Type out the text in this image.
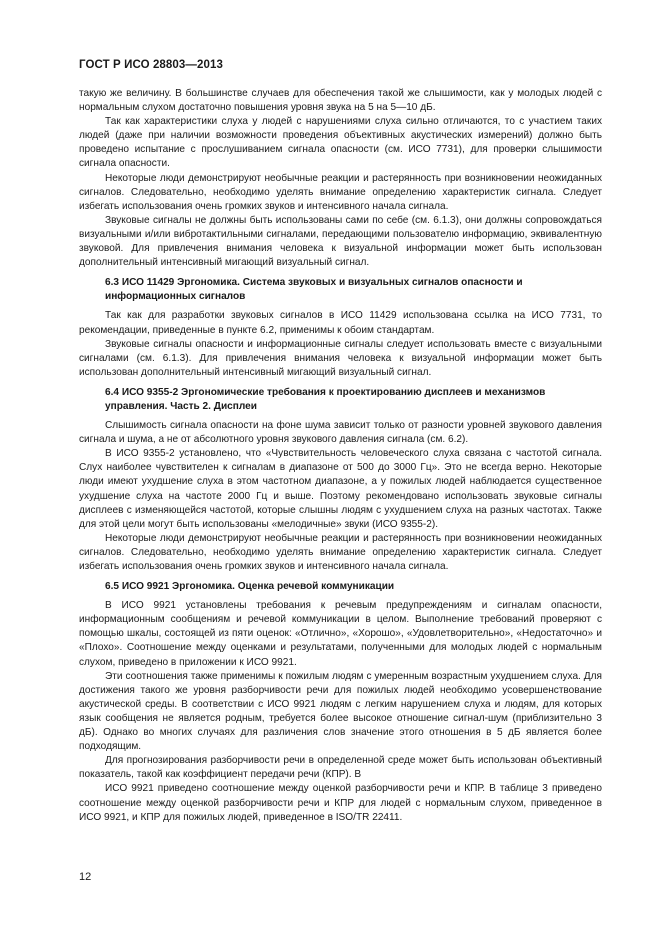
ГОСТ Р ИСО 28803—2013

такую же величину. В большинстве случаев для обеспечения такой же слышимости, как у молодых людей с нормальным слухом достаточно повышения уровня звука на 5 на 5—10 дБ.

Так как характеристики слуха у людей с нарушениями слуха сильно отличаются, то с участием таких людей (даже при наличии возможности проведения объективных акустических измерений) должно быть проведено испытание с прослушиванием сигнала опасности (см. ИСО 7731), для проверки слышимости сигнала опасности.

Некоторые люди демонстрируют необычные реакции и растерянность при возникновении неожиданных сигналов. Следовательно, необходимо уделять внимание определению характеристик сигнала. Следует избегать использования очень громких звуков и интенсивного начала сигнала.

Звуковые сигналы не должны быть использованы сами по себе (см. 6.1.3), они должны сопровождаться визуальными и/или вибротактильными сигналами, передающими пользователю информацию, эквивалентную звуковой. Для привлечения внимания человека к визуальной информации может быть использован дополнительный интенсивный мигающий визуальный сигнал.

6.3 ИСО 11429 Эргономика. Система звуковых и визуальных сигналов опасности и информационных сигналов

Так как для разработки звуковых сигналов в ИСО 11429 использована ссылка на ИСО 7731, то рекомендации, приведенные в пункте 6.2, применимы к обоим стандартам.

Звуковые сигналы опасности и информационные сигналы следует использовать вместе с визуальными сигналами (см. 6.1.3). Для привлечения внимания человека к визуальной информации может быть использован дополнительный интенсивный мигающий визуальный сигнал.

6.4 ИСО 9355-2 Эргономические требования к проектированию дисплеев и механизмов управления. Часть 2. Дисплеи

Слышимость сигнала опасности на фоне шума зависит только от разности уровней звукового давления сигнала и шума, а не от абсолютного уровня звукового давления сигнала (см. 6.2).

В ИСО 9355-2 установлено, что «Чувствительность человеческого слуха связана с частотой сигнала. Слух наиболее чувствителен к сигналам в диапазоне от 500 до 3000 Гц». Это не всегда верно. Некоторые люди имеют ухудшение слуха в этом частотном диапазоне, а у пожилых людей наблюдается существенное ухудшение слуха на частоте 2000 Гц и выше. Поэтому рекомендовано использовать звуковые сигналы дисплеев с изменяющейся частотой, которые слышны людям с ухудшением слуха на разных частотах. Также для этой цели могут быть использованы «мелодичные» звуки (ИСО 9355-2).

Некоторые люди демонстрируют необычные реакции и растерянность при возникновении неожиданных сигналов. Следовательно, необходимо уделять внимание определению характеристик сигнала. Следует избегать использования очень громких звуков и интенсивного начала сигнала.

6.5 ИСО 9921 Эргономика. Оценка речевой коммуникации

В ИСО 9921 установлены требования к речевым предупреждениям и сигналам опасности, информационным сообщениям и речевой коммуникации в целом. Выполнение требований проверяют с помощью шкалы, состоящей из пяти оценок: «Отлично», «Хорошо», «Удовлетворительно», «Недостаточно» и «Плохо». Соотношение между оценками и результатами, полученными для молодых людей с нормальным слухом, приведено в приложении к ИСО 9921.

Эти соотношения также применимы к пожилым людям с умеренным возрастным ухудшением слуха. Для достижения такого же уровня разборчивости речи для пожилых людей необходимо усовершенствование акустической среды. В соответствии с ИСО 9921 людям с легким нарушением слуха и людям, для которых язык сообщения не является родным, требуется более высокое отношение сигнал-шум (приблизительно 3 дБ). Однако во многих случаях для различения слов значение этого отношения в 5 дБ является более подходящим.

Для прогнозирования разборчивости речи в определенной среде может быть использован объективный показатель, такой как коэффициент передачи речи (КПР). В

ИСО 9921 приведено соотношение между оценкой разборчивости речи и КПР. В таблице 3 приведено соотношение между оценкой разборчивости речи и КПР для людей с нормальным слухом, приведенное в ИСО 9921, и КПР для пожилых людей, приведенное в ISO/TR 22411.

12
